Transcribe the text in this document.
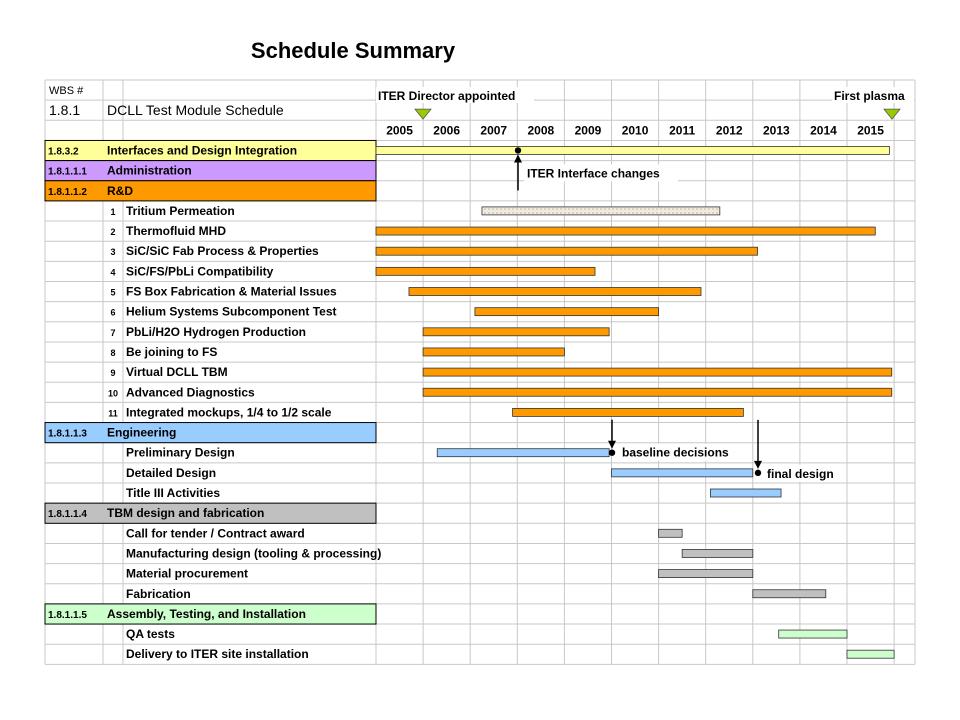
Schedule Summary
WBS #
1.8.1 DCLL Test Module Schedule
2005 2006 2007 2008 2009 2010 2011 2012 2013 2014 2015
1.8.3.2 Interfaces and Design Integration
1.8.1.1.1 Administration
1.8.1.1.2 R&D
1 Tritium Permeation
2 Thermofluid MHD
3 SiC/SiC Fab Process & Properties
4 SiC/FS/PbLi Compatibility
5 FS Box Fabrication & Material Issues
6 Helium Systems Subcomponent Test
7 PbLi/H2O Hydrogen Production
8 Be joining to FS
9 Virtual DCLL TBM
10 Advanced Diagnostics
11 Integrated mockups, 1/4 to 1/2 scale
1.8.1.1.3 Engineering
Preliminary Design
Detailed Design
Title III Activities
1.8.1.1.4 TBM design and fabrication
Call for tender / Contract award
Manufacturing design (tooling & processing)
Material procurement
Fabrication
1.8.1.1.5 Assembly, Testing, and Installation
QA tests
Delivery to ITER site installation
ITER Director appointed	First plasma
ITER Interface changes
baseline decisions
final design
